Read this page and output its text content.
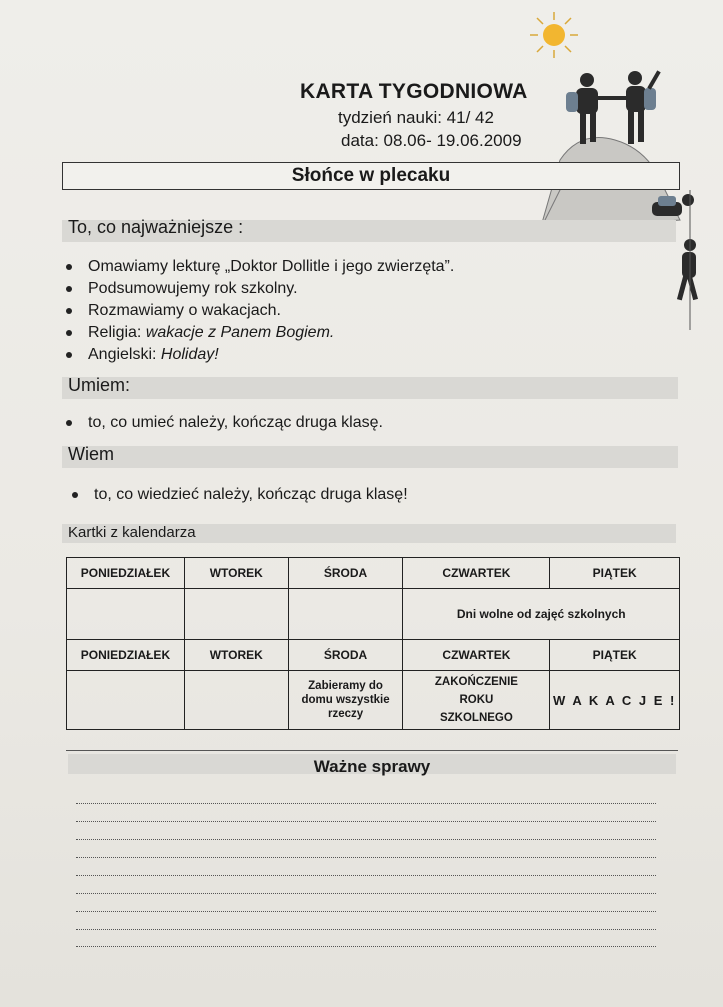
KARTA TYGODNIOWA
tydzień nauki: 41/ 42
data: 08.06- 19.06.2009
Słońce w plecaku
To, co najważniejsze :
Omawiamy lekturę „Doktor Dollitle i jego zwierzęta”.
Podsumowujemy rok szkolny.
Rozmawiamy o wakacjach.
Religia: wakacje z Panem Bogiem.
Angielski: Holiday!
Umiem:
to, co umieć należy, kończąc druga klasę.
Wiem
to, co wiedzieć należy, kończąc druga klasę!
Kartki z kalendarza
PONIEDZIAŁEK	WTOREK	ŚRODA	CZWARTEK	PIĄTEK
			Dni wolne od zajęć szkolnych	
PONIEDZIAŁEK	WTOREK	ŚRODA	CZWARTEK	PIĄTEK
		Zabieramy do domu wszystkie rzeczy	ZAKOŃCZENIE ROKU SZKOLNEGO	W A K A C J E !
Ważne sprawy
